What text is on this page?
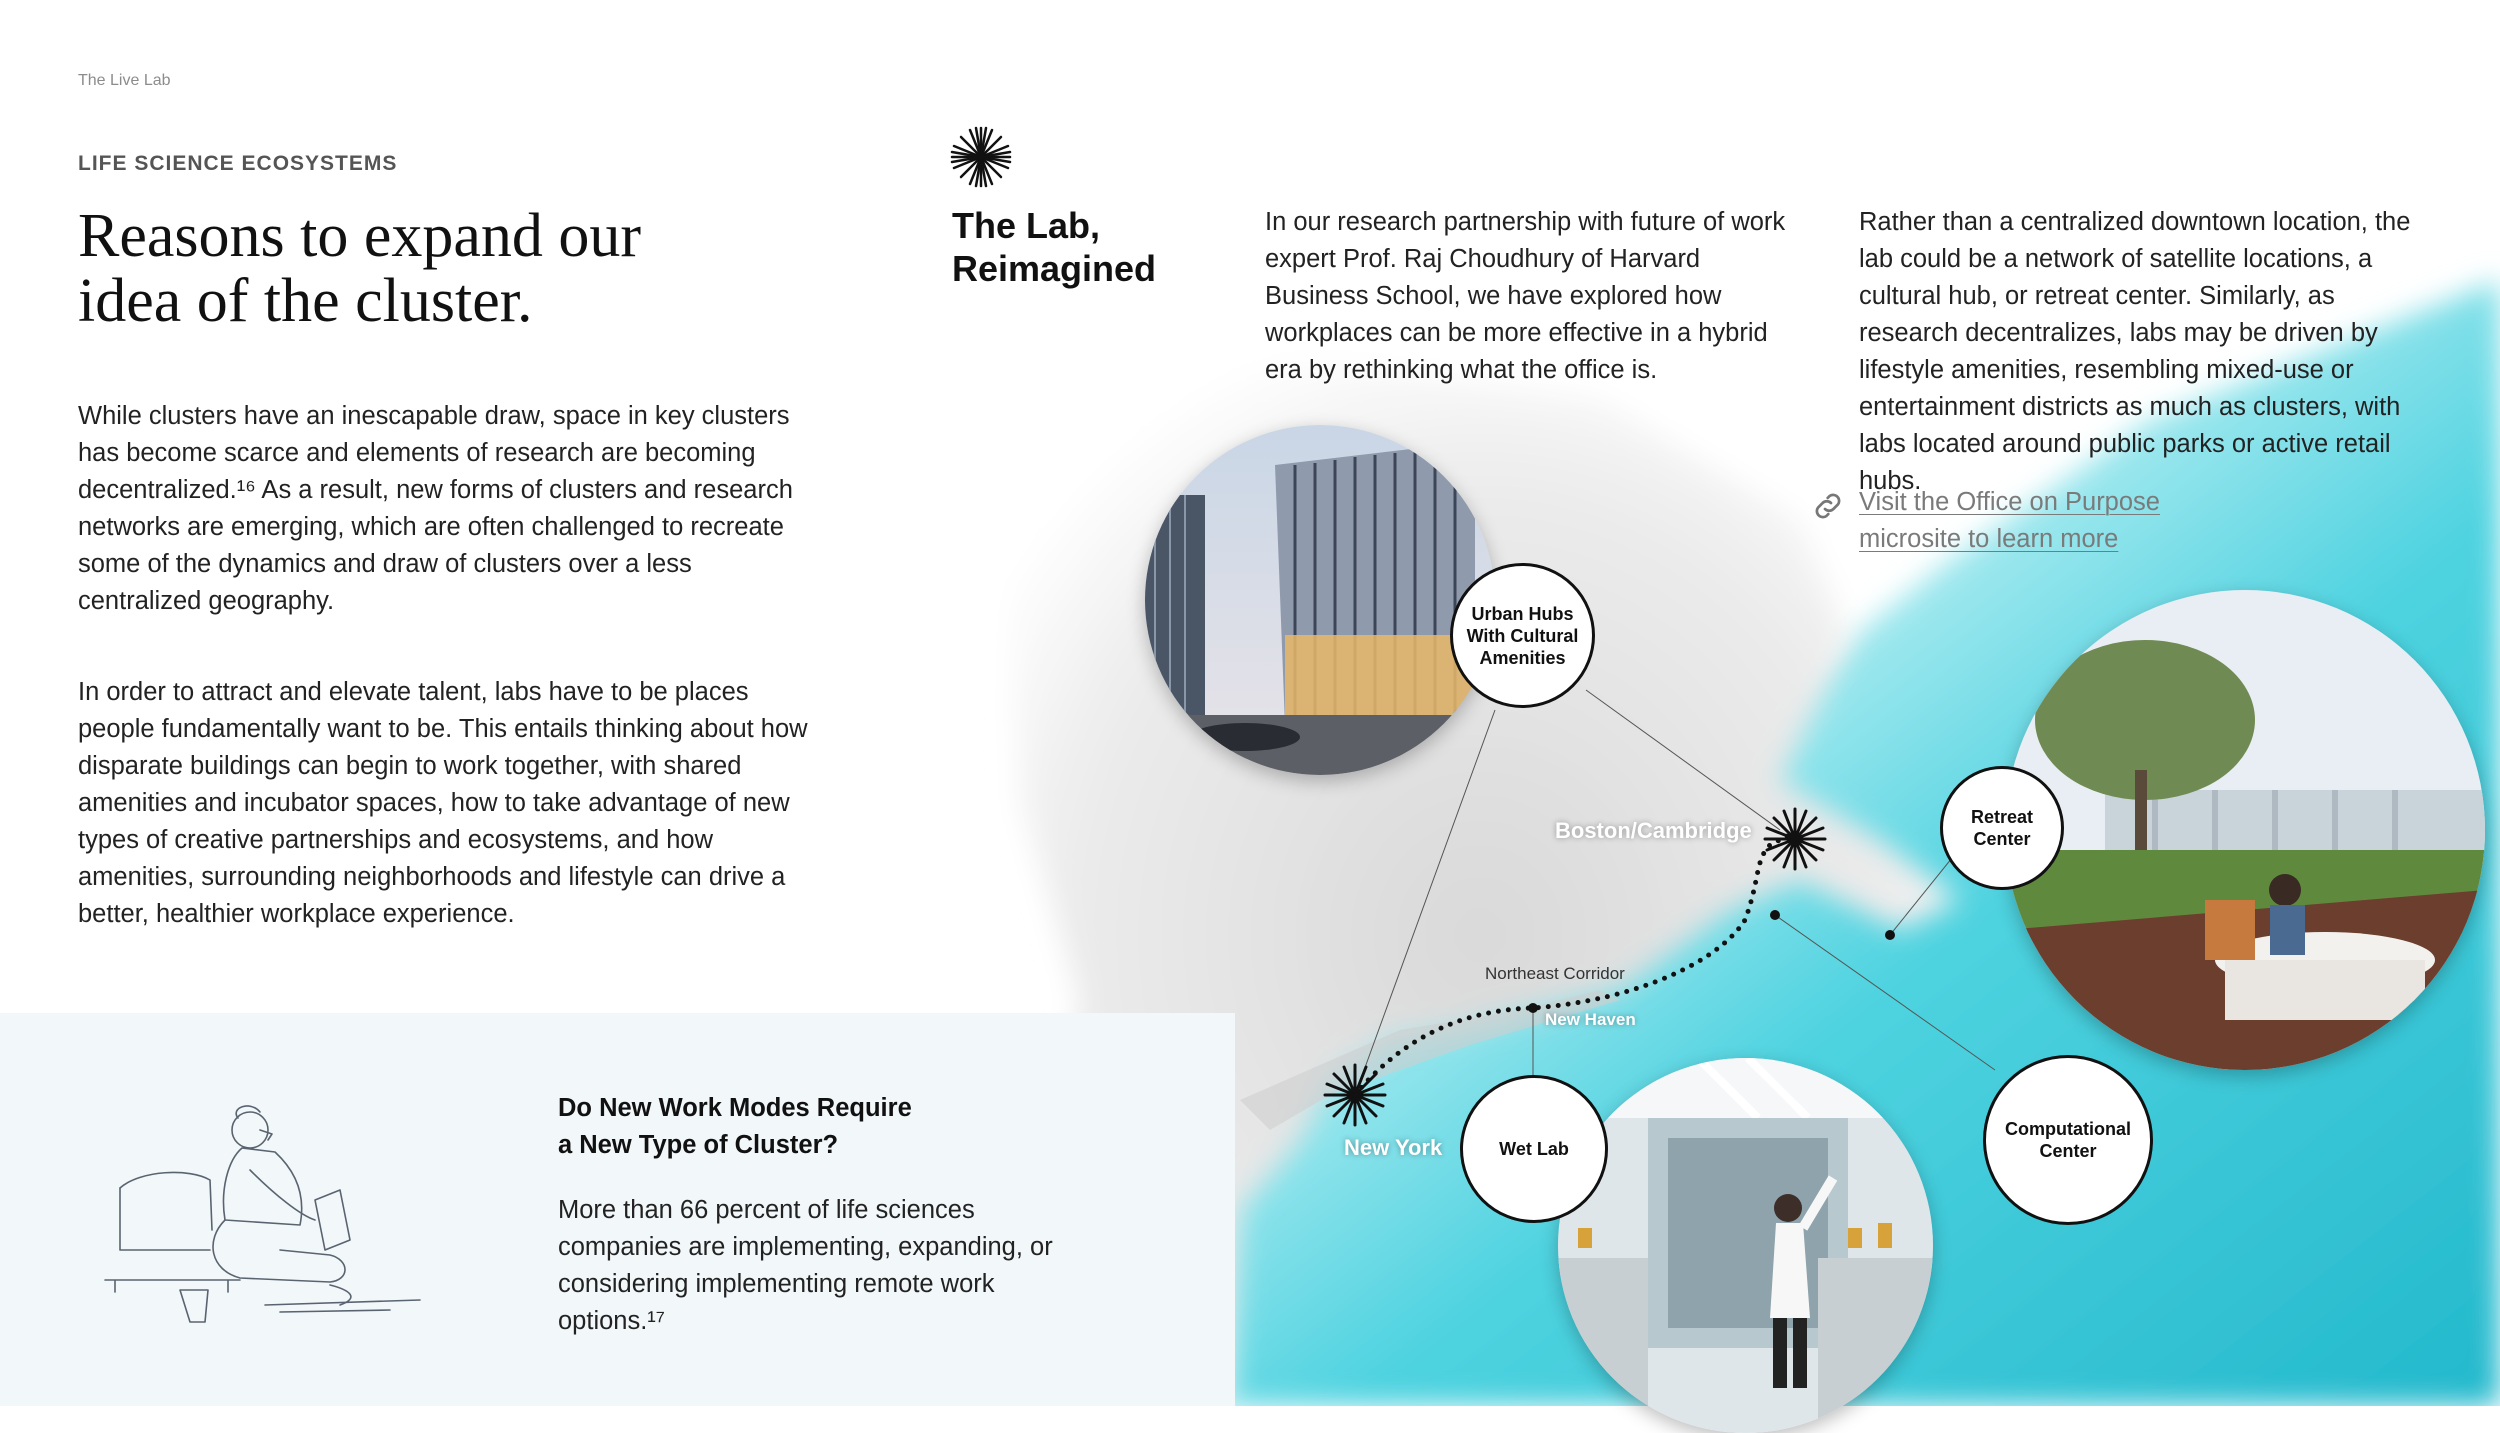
The Live Lab
LIFE SCIENCE ECOSYSTEMS
Reasons to expand our
idea of the cluster.
While clusters have an inescapable draw, space in key clusters has become scarce and elements of research are becoming decentralized.¹⁶ As a result, new forms of clusters and research networks are emerging, which are often challenged to recreate some of the dynamics and draw of clusters over a less centralized geography.
In order to attract and elevate talent, labs have to be places people fundamentally want to be. This entails thinking about how disparate buildings can begin to work together, with shared amenities and incubator spaces, how to take advantage of new types of creative partnerships and ecosystems, and how amenities, surrounding neighborhoods and lifestyle can drive a better, healthier workplace experience.
The Lab,
Reimagined
In our research partnership with future of work expert Prof. Raj Choudhury of Harvard Business School, we have explored how workplaces can be more effective in a hybrid era by rethinking what the office is.
Rather than a centralized downtown location, the lab could be a network of satellite locations, a cultural hub, or retreat center. Similarly, as research decentralizes, labs may be driven by lifestyle amenities, resembling mixed-use or entertainment districts as much as clusters, with labs located around public parks or active retail hubs.
Visit the Office on Purpose
microsite to learn more
Do New Work Modes Require
a New Type of Cluster?
More than 66 percent of life sciences companies are implementing, expanding, or considering implementing remote work options.¹⁷
Urban Hubs
With Cultural
Amenities
Retreat
Center
Wet Lab
Computational
Center
Boston/Cambridge
New York
New Haven
Northeast Corridor
